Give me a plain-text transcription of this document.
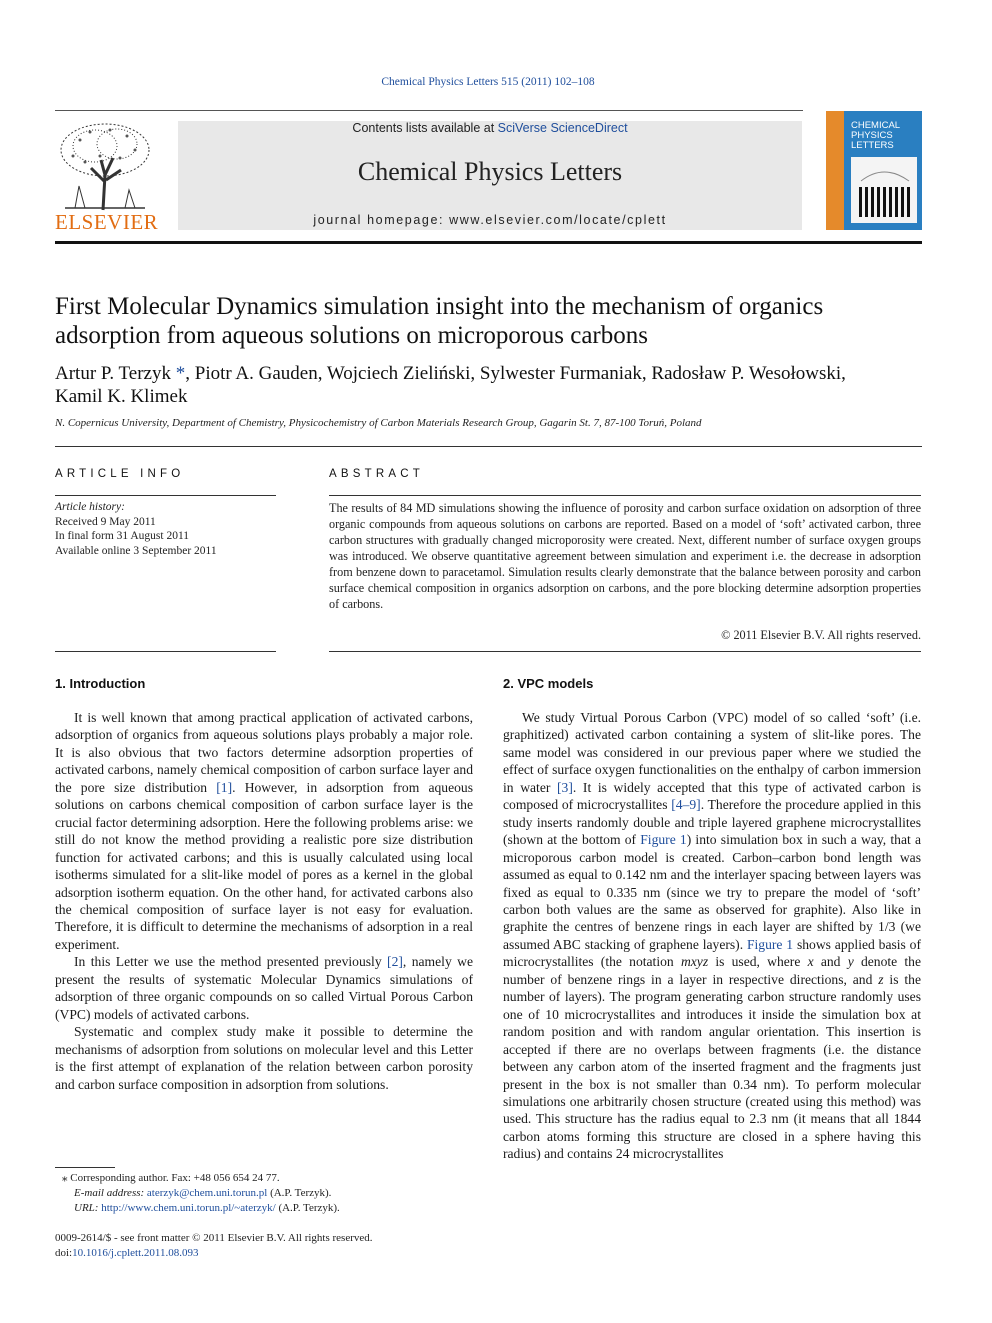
Chemical Physics Letters 515 (2011) 102–108
ELSEVIER
Contents lists available at SciVerse ScienceDirect
Chemical Physics Letters
journal homepage: www.elsevier.com/locate/cplett
CHEMICAL
PHYSICS
LETTERS
First Molecular Dynamics simulation insight into the mechanism of organics adsorption from aqueous solutions on microporous carbons
Artur P. Terzyk *, Piotr A. Gauden, Wojciech Zieliński, Sylwester Furmaniak, Radosław P. Wesołowski,
Kamil K. Klimek
N. Copernicus University, Department of Chemistry, Physicochemistry of Carbon Materials Research Group, Gagarin St. 7, 87-100 Toruń, Poland
ARTICLE INFO
Article history:
Received 9 May 2011
In final form 31 August 2011
Available online 3 September 2011
ABSTRACT
The results of 84 MD simulations showing the influence of porosity and carbon surface oxidation on adsorption of three organic compounds from aqueous solutions on carbons are reported. Based on a model of ‘soft’ activated carbon, three carbon structures with gradually changed microporosity were created. Next, different number of surface oxygen groups was introduced. We observe quantitative agreement between simulation and experiment i.e. the decrease in adsorption from benzene down to paracetamol. Simulation results clearly demonstrate that the balance between porosity and carbon surface chemical composition in organics adsorption on carbons, and the pore blocking determine adsorption properties of carbons.
© 2011 Elsevier B.V. All rights reserved.
1. Introduction

It is well known that among practical application of activated carbons, adsorption of organics from aqueous solutions plays probably a major role. It is also obvious that two factors determine adsorption properties of activated carbons, namely chemical composition of carbon surface layer and the pore size distribution [1]. However, in adsorption from aqueous solutions on carbons chemical composition of carbon surface layer is the crucial factor determining adsorption. Here the following problems arise: we still do not know the method providing a realistic pore size distribution function for activated carbons; and this is usually calculated using local isotherms simulated for a slit-like model of pores as a kernel in the global adsorption isotherm equation. On the other hand, for activated carbons also the chemical composition of surface layer is not easy for evaluation. Therefore, it is difficult to determine the mechanisms of adsorption in a real experiment.

In this Letter we use the method presented previously [2], namely we present the results of systematic Molecular Dynamics simulations of adsorption of three organic compounds on so called Virtual Porous Carbon (VPC) models of activated carbons.

Systematic and complex study make it possible to determine the mechanisms of adsorption from solutions on molecular level and this Letter is the first attempt of explanation of the relation between carbon porosity and carbon surface composition in adsorption from solutions.

⁎ Corresponding author. Fax: +48 056 654 24 77.
E-mail address: aterzyk@chem.uni.torun.pl (A.P. Terzyk).
URL: http://www.chem.uni.torun.pl/~aterzyk/ (A.P. Terzyk).
0009-2614/$ - see front matter © 2011 Elsevier B.V. All rights reserved.
doi:10.1016/j.cplett.2011.08.093
2. VPC models

We study Virtual Porous Carbon (VPC) model of so called ‘soft’ (i.e. graphitized) activated carbon containing a system of slit-like pores. The same model was considered in our previous paper where we studied the effect of surface oxygen functionalities on the enthalpy of carbon immersion in water [3]. It is widely accepted that this type of activated carbon is composed of microcrystallites [4–9]. Therefore the procedure applied in this study inserts randomly double and triple layered graphene microcrystallites (shown at the bottom of Figure 1) into simulation box in such a way, that a microporous carbon model is created. Carbon–carbon bond length was assumed as equal to 0.142 nm and the interlayer spacing between layers was fixed as equal to 0.335 nm (since we try to prepare the model of ‘soft’ carbon both values are the same as observed for graphite). Also like in graphite the centres of benzene rings in each layer are shifted by 1/3 (we assumed ABC stacking of graphene layers). Figure 1 shows applied basis of microcrystallites (the notation mxyz is used, where x and y denote the number of benzene rings in a layer in respective directions, and z is the number of layers). The program generating carbon structure randomly uses one of 10 microcrystallites and introduces it inside the simulation box at random position and with random angular orientation. This insertion is accepted if there are no overlaps between fragments (i.e. the distance between any carbon atom of the inserted fragment and the fragments just present in the box is not smaller than 0.34 nm). To perform molecular simulations one arbitrarily chosen structure (created using this method) was used. This structure has the radius equal to 2.3 nm (it means that all 1844 carbon atoms forming this structure are closed in a sphere having this radius) and contains 24 microcrystallites
